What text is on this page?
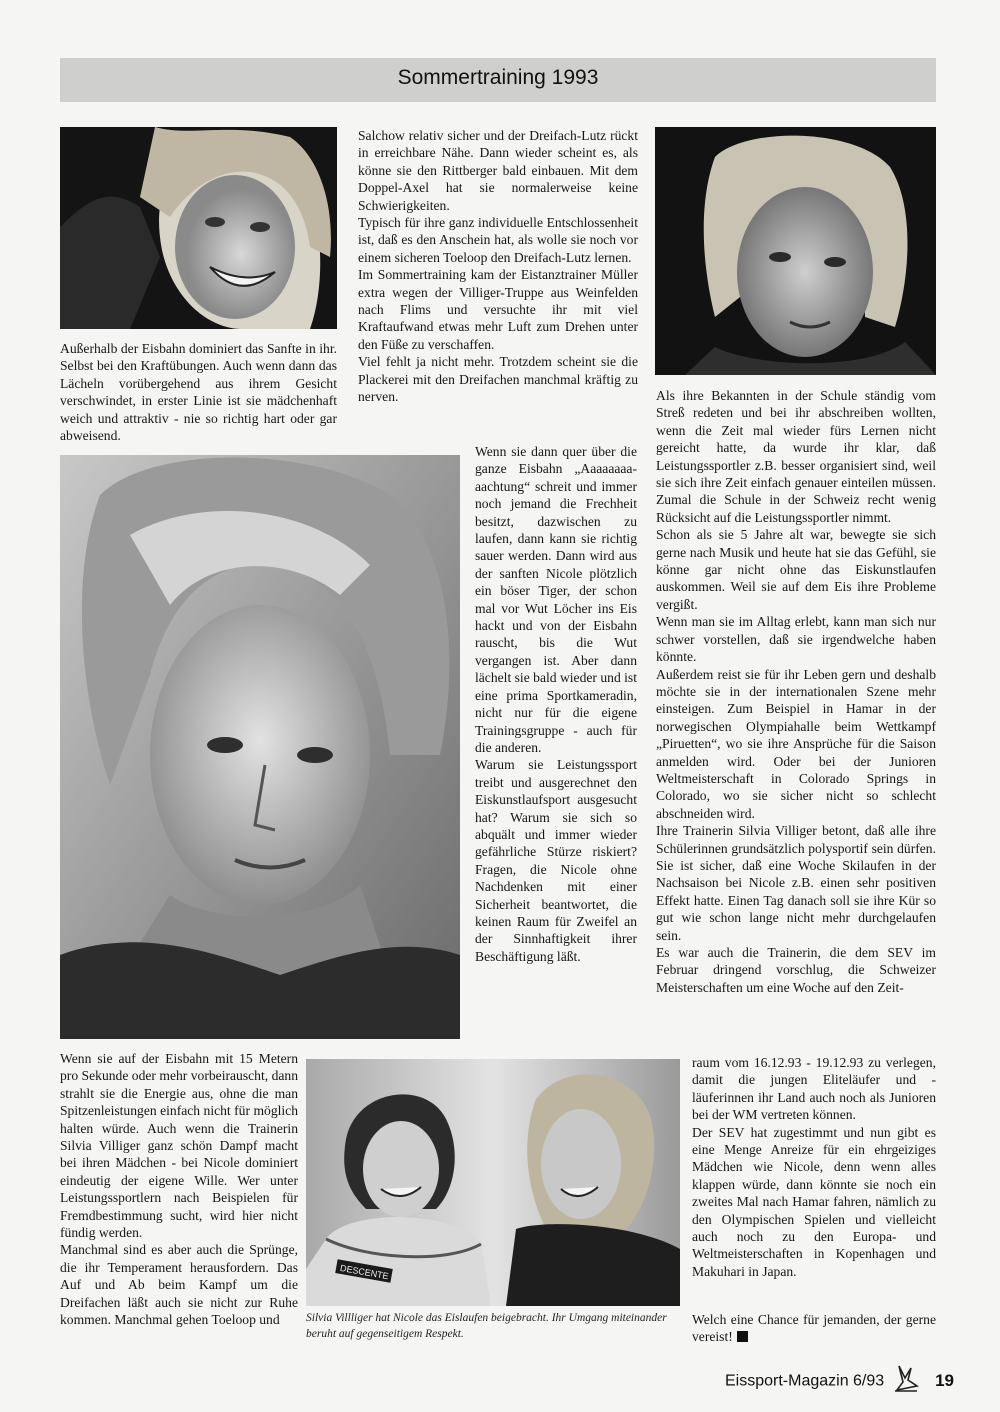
Sommertraining 1993

Außerhalb der Eisbahn dominiert das Sanfte in ihr. Selbst bei den Kraftübungen. Auch wenn dann das Lächeln vorübergehend aus ihrem Gesicht verschwindet, in erster Linie ist sie mädchenhaft weich und attraktiv - nie so richtig hart oder gar abweisend.

Salchow relativ sicher und der Dreifach-Lutz rückt in erreichbare Nähe. Dann wieder scheint es, als könne sie den Rittberger bald einbauen. Mit dem Doppel-Axel hat sie normalerweise keine Schwierigkeiten.

Typisch für ihre ganz individuelle Entschlossenheit ist, daß es den Anschein hat, als wolle sie noch vor einem sicheren Toeloop den Dreifach-Lutz lernen.

Im Sommertraining kam der Eistanztrainer Müller extra wegen der Villiger-Truppe aus Weinfelden nach Flims und versuchte ihr mit viel Kraftaufwand etwas mehr Luft zum Drehen unter den Füße zu verschaffen.

Viel fehlt ja nicht mehr. Trotzdem scheint sie die Plackerei mit den Dreifachen manchmal kräftig zu nerven.

Wenn sie dann quer über die ganze Eisbahn „Aaaaaaaa-aachtung“ schreit und immer noch jemand die Frechheit besitzt, dazwischen zu laufen, dann kann sie richtig sauer werden. Dann wird aus der sanften Nicole plötzlich ein böser Tiger, der schon mal vor Wut Löcher ins Eis hackt und von der Eisbahn rauscht, bis die Wut vergangen ist. Aber dann lächelt sie bald wieder und ist eine prima Sportkameradin, nicht nur für die eigene Trainingsgruppe - auch für die anderen.

Warum sie Leistungssport treibt und ausgerechnet den Eiskunstlaufsport ausgesucht hat? Warum sie sich so abquält und immer wieder gefährliche Stürze riskiert? Fragen, die Nicole ohne Nachdenken mit einer Sicherheit beantwortet, die keinen Raum für Zweifel an der Sinnhaftigkeit ihrer Beschäftigung läßt.

Als ihre Bekannten in der Schule ständig vom Streß redeten und bei ihr abschreiben wollten, wenn die Zeit mal wieder fürs Lernen nicht gereicht hatte, da wurde ihr klar, daß Leistungssportler z.B. besser organisiert sind, weil sie sich ihre Zeit einfach genauer einteilen müssen. Zumal die Schule in der Schweiz recht wenig Rücksicht auf die Leistungssportler nimmt.

Schon als sie 5 Jahre alt war, bewegte sie sich gerne nach Musik und heute hat sie das Gefühl, sie könne gar nicht ohne das Eiskunstlaufen auskommen. Weil sie auf dem Eis ihre Probleme vergißt.

Wenn man sie im Alltag erlebt, kann man sich nur schwer vorstellen, daß sie irgendwelche haben könnte.

Außerdem reist sie für ihr Leben gern und deshalb möchte sie in der internationalen Szene mehr einsteigen. Zum Beispiel in Hamar in der norwegischen Olympiahalle beim Wettkampf „Piruetten“, wo sie ihre Ansprüche für die Saison anmelden wird. Oder bei der Junioren Weltmeisterschaft in Colorado Springs in Colorado, wo sie sicher nicht so schlecht abschneiden wird.

Ihre Trainerin Silvia Villiger betont, daß alle ihre Schülerinnen grundsätzlich polysportif sein dürfen. Sie ist sicher, daß eine Woche Skilaufen in der Nachsaison bei Nicole z.B. einen sehr positiven Effekt hatte. Einen Tag danach soll sie ihre Kür so gut wie schon lange nicht mehr durchgelaufen sein.

Es war auch die Trainerin, die dem SEV im Februar dringend vorschlug, die Schweizer Meisterschaften um eine Woche auf den Zeit-

raum vom 16.12.93 - 19.12.93 zu verlegen, damit die jungen Eliteläufer und -läuferinnen ihr Land auch noch als Junioren bei der WM vertreten können.

Der SEV hat zugestimmt und nun gibt es eine Menge Anreize für ein ehrgeiziges Mädchen wie Nicole, denn wenn alles klappen würde, dann könnte sie noch ein zweites Mal nach Hamar fahren, nämlich zu den Olympischen Spielen und vielleicht auch noch zu den Europa- und Weltmeisterschaften in Kopenhagen und Makuhari in Japan.

Welch eine Chance für jemanden, der gerne vereist!

Wenn sie auf der Eisbahn mit 15 Metern pro Sekunde oder mehr vorbeirauscht, dann strahlt sie die Energie aus, ohne die man Spitzenleistungen einfach nicht für möglich halten würde. Auch wenn die Trainerin Silvia Villiger ganz schön Dampf macht bei ihren Mädchen - bei Nicole dominiert eindeutig der eigene Wille. Wer unter Leistungssportlern nach Beispielen für Fremdbestimmung sucht, wird hier nicht fündig werden.

Manchmal sind es aber auch die Sprünge, die ihr Temperament herausfordern. Das Auf und Ab beim Kampf um die Dreifachen läßt auch sie nicht zur Ruhe kommen. Manchmal gehen Toeloop und

DESCENTE
Silvia Villliger hat Nicole das Eislaufen beigebracht. Ihr Umgang miteinander beruht auf gegenseitigem Respekt.
Eissport-Magazin 6/93	19
